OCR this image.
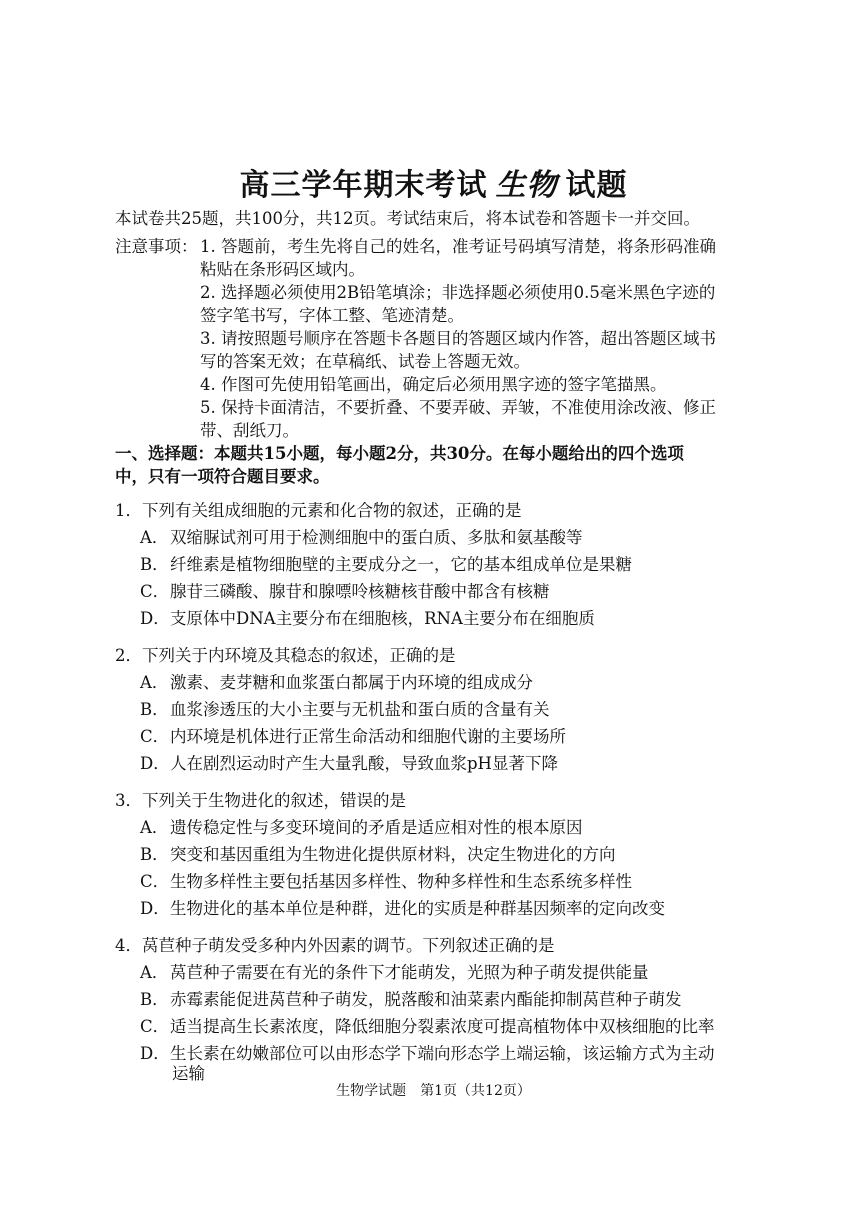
高三学年期末考试 生物 试题
本试卷共25题，共100分，共12页。考试结束后，将本试卷和答题卡一并交回。
注意事项： 1. 答题前，考生先将自己的姓名，准考证号码填写清楚，将条形码准确
粘贴在条形码区域内。
2. 选择题必须使用2B铅笔填涂；非选择题必须使用0.5毫米黑色字迹的
签字笔书写，字体工整、笔迹清楚。
3. 请按照题号顺序在答题卡各题目的答题区域内作答，超出答题区域书
写的答案无效；在草稿纸、试卷上答题无效。
4. 作图可先使用铅笔画出，确定后必须用黑字迹的签字笔描黑。
5. 保持卡面清洁，不要折叠、不要弄破、弄皱，不准使用涂改液、修正
带、刮纸刀。
一、选择题：本题共15小题，每小题2分，共30分。在每小题给出的四个选项
中，只有一项符合题目要求。
1．下列有关组成细胞的元素和化合物的叙述，正确的是
A．双缩脲试剂可用于检测细胞中的蛋白质、多肽和氨基酸等
B．纤维素是植物细胞壁的主要成分之一，它的基本组成单位是果糖
C．腺苷三磷酸、腺苷和腺嘌呤核糖核苷酸中都含有核糖
D．支原体中DNA主要分布在细胞核，RNA主要分布在细胞质
2．下列关于内环境及其稳态的叙述，正确的是
A．激素、麦芽糖和血浆蛋白都属于内环境的组成成分
B．血浆渗透压的大小主要与无机盐和蛋白质的含量有关
C．内环境是机体进行正常生命活动和细胞代谢的主要场所
D．人在剧烈运动时产生大量乳酸，导致血浆pH显著下降
3．下列关于生物进化的叙述，错误的是
A．遗传稳定性与多变环境间的矛盾是适应相对性的根本原因
B．突变和基因重组为生物进化提供原材料，决定生物进化的方向
C．生物多样性主要包括基因多样性、物种多样性和生态系统多样性
D．生物进化的基本单位是种群，进化的实质是种群基因频率的定向改变
4．莴苣种子萌发受多种内外因素的调节。下列叙述正确的是
A．莴苣种子需要在有光的条件下才能萌发，光照为种子萌发提供能量
B．赤霉素能促进莴苣种子萌发，脱落酸和油菜素内酯能抑制莴苣种子萌发
C．适当提高生长素浓度，降低细胞分裂素浓度可提高植物体中双核细胞的比率
D．生长素在幼嫩部位可以由形态学下端向形态学上端运输，该运输方式为主动
运输
生物学试题　第1页（共12页）
